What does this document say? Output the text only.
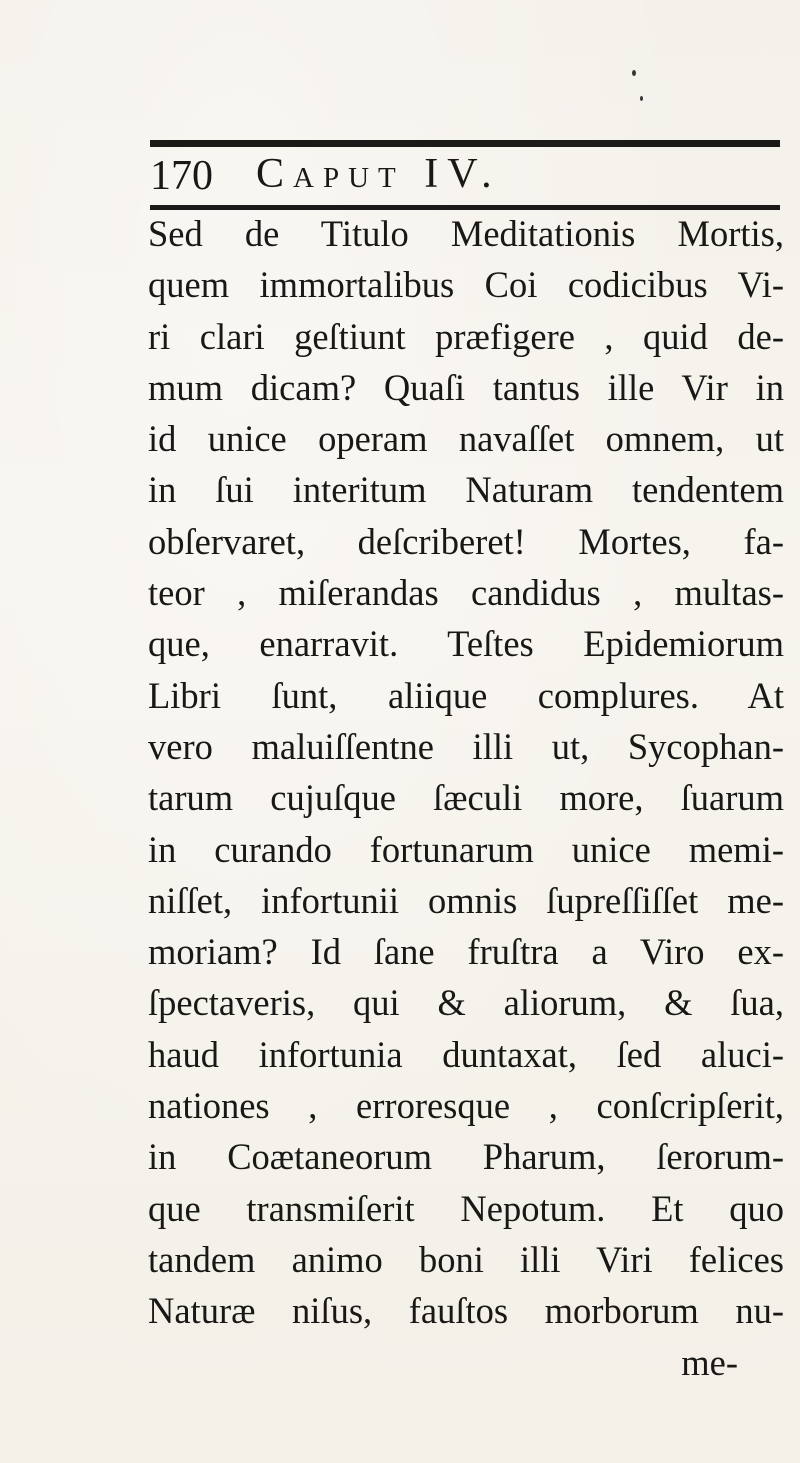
170 Caput IV.
Sed de Titulo Meditationis Mortis,
quem immortalibus Coi codicibus Vi-
ri clari geſtiunt præfigere , quid de-
mum dicam? Quaſi tantus ille Vir in
id unice operam navaſſet omnem, ut
in ſui interitum Naturam tendentem
obſervaret, deſcriberet! Mortes, fa-
teor , miſerandas candidus , multas-
que, enarravit. Teſtes Epidemiorum
Libri ſunt, aliique complures. At
vero maluiſſentne illi ut, Sycophan-
tarum cujuſque ſæculi more, ſuarum
in curando fortunarum unice memi-
niſſet, infortunii omnis ſupreſſiſſet me-
moriam? Id ſane fruſtra a Viro ex-
ſpectaveris, qui & aliorum, & ſua,
haud infortunia duntaxat, ſed aluci-
nationes , erroresque , conſcripſerit,
in Coætaneorum Pharum, ſerorum-
que transmiſerit Nepotum. Et quo
tandem animo boni illi Viri felices
Naturæ niſus, fauſtos morborum nu-
me-
